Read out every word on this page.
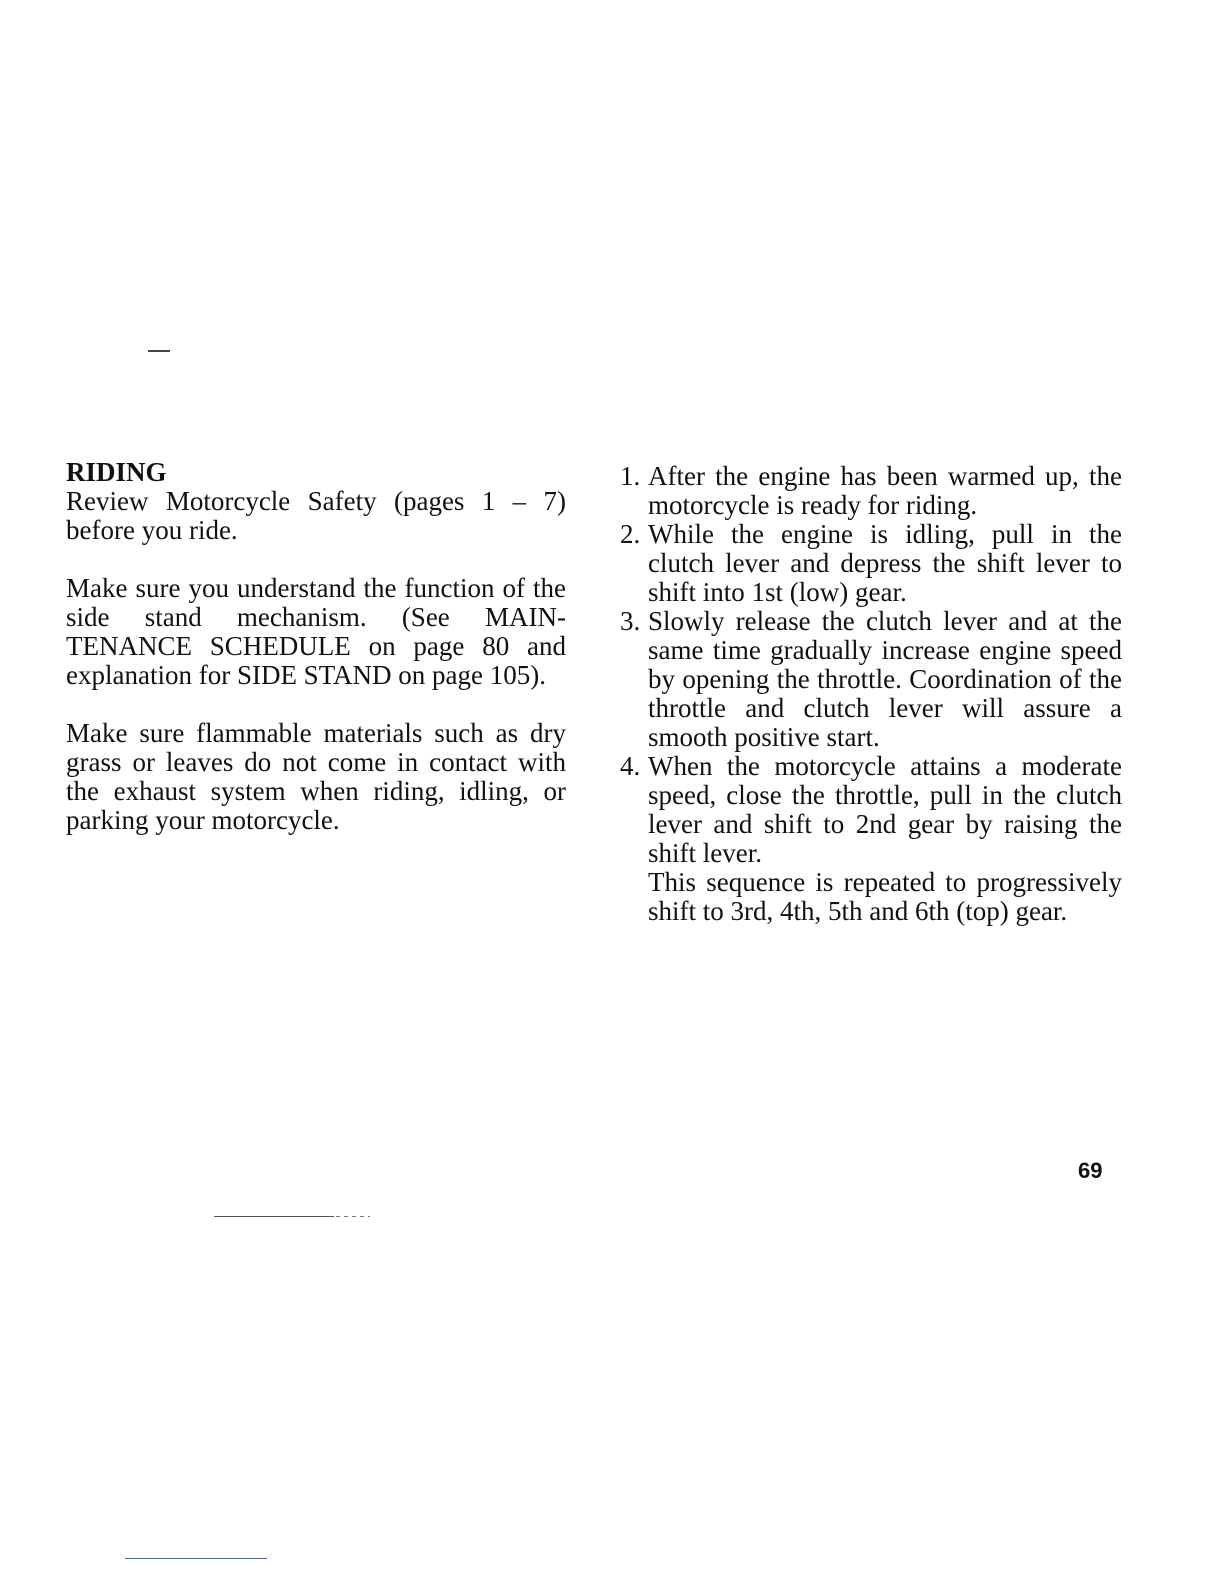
RIDING

Review Motorcycle Safety (pages 1 – 7) before you ride.

Make sure you understand the function of the side stand mechanism. (See MAIN-TENANCE SCHEDULE on page 80 and explanation for SIDE STAND on page 105).

Make sure flammable materials such as dry grass or leaves do not come in contact with the exhaust system when riding, idling, or parking your motorcycle.

1. After the engine has been warmed up, the motorcycle is ready for riding.
2. While the engine is idling, pull in the clutch lever and depress the shift lever to shift into 1st (low) gear.
3. Slowly release the clutch lever and at the same time gradually increase engine speed by opening the throttle. Coordination of the throttle and clutch lever will assure a smooth positive start.
4. When the motorcycle attains a moderate speed, close the throttle, pull in the clutch lever and shift to 2nd gear by raising the shift lever.
This sequence is repeated to progressively shift to 3rd, 4th, 5th and 6th (top) gear.
69
